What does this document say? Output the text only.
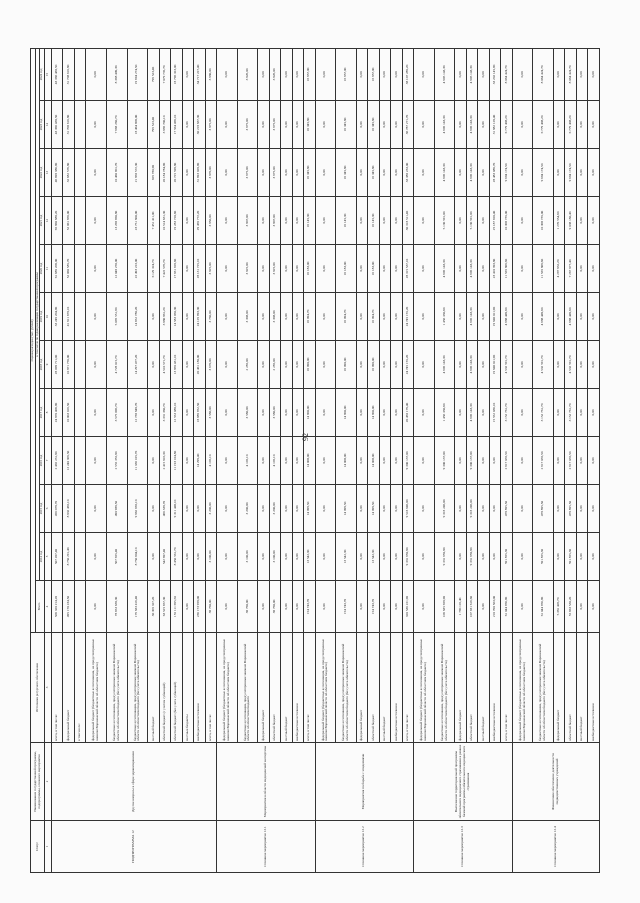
92
Статус	Наименование государственной программы, подпрограммы, основного мероприятия	Источники ресурсного обеспечения	Оценка расходов (тыс. рублей)											
			Всего	в том числе по годам реализации государственной программы										
				2014 год	2015 год	2016 год	2017 год	2018 год	2019 год	2020 год	2021 год	2022 год	2023 год	2024 год
1	2	3	4	5	6	7	8	9	10	11	12	13	14	15
ПОДПРОГРАММА 12	Другие вопросы в сфере здравоохранения	всего, в том числе:	509 320 214,20	507 207,40	456 078,70	2 492 231,80	24 870 409,90	28 099 711,00	33 249 204,90	61 689 208,00	65 860 888,20	46 698 386,90	43 366 438,50	43 366 438,50
		федеральный бюджет	495 170 234,50	8 750 291,40	8 832 465,10	12 240 305,50	10 003 016,50	10 871 759,00	41 811 678,10	52 060 585,70	52 061 859,00	32 682 576,80	31 708 616,80	31 708 616,80
		в том числе:												
		федеральный бюджет (бюджетные ассигнования, не предусмотренные законом Воронежской области об областном бюджете)	0,00	0,00	0,00	0,00	0,00	0,00	0,00	0,00	0,00	0,00	0,00	0,00
		бюджетные ассигнования, предусмотренные законом Воронежской области об областном бюджете (без учета обязательств)	78 653 638,30	567 655,40	490 988,50	2 555 355,80	3 575 096,70	4 728 015,70	5 095 551,90	12 048 258,00	13 268 960,80	10 460 901,70	7 968 260,70	8 398 409,30
		бюджетные ассигнования, предусмотренные законом Воронежской области об областном бюджете (без учета обязательств)	179 833 416,40	8 750 604,10	9 862 665,10	11 336 105,70	12 738 848,70	14 297 477,20	14 652 780,20	22 493 223,00	23 751 800,00	21 858 572,30	18 464 908,00	19 694 274,50
		местный бюджет	30 305 327,20	0,00	0,00	0,00	0,00	0,00	0,00	6 129 324,70	7 451 411,00	929 780,90	799 523,40	799 523,40
		областной бюджет (с учетом субвенций)	63 525 657,30	542 697,40	466 338,70	2 415 816,30	3 331 360,70	4 510 571,70	3 880 861,20	7 422 576,70	10 514 631,30	20 184 784,90	3 885 700,10	7 079 735,70
		областной бюджет (без учета субвенций)	155 111 695,50	8 450 561,70	9 311 448,10	11 193 104,80	12 553 088,10	13 859 431,10	14 583 050,30	17 931 928,60	19 283 720,60	20 725 598,80	17 564 469,10	18 796 323,00
		местные бюджеты	0,00	0,00	0,00	0,00	0,00	0,00	0,00	0,00	0,00	0,00	0,00	0,00
		внебюджетные источники	236 173 958,00	0,00	0,00	14 299,40	18 989 952,50	20 461 180,00	24 129 993,30	28 131 725,10	29 459 772,20	31 693 028,90	30 218 837,30	34 717 227,40
		всего, в том числе:	38 760,00	3 100,00	3 200,00	4 105,10	3 580,00	3 670,00	3 760,00	3 825,00	3 850,00	3 870,00	3 875,00	3 880,00
Основное мероприятие 12.1	Мероприятия в области медицинской экспертизы	федеральный бюджет (бюджетные ассигнования, не предусмотренные законом Воронежской области об областном бюджете)	0,00	0,00	0,00	0,00	0,00	0,00	0,00	0,00	0,00	0,00	0,00	0,00
		бюджетные ассигнования, предусмотренные законом Воронежской области об областном бюджете	38 760,00	3 100,00	3 200,00	4 105,10	3 580,00	2 285,00	3 308,00	3 825,00	3 807,00	3 975,00	3 975,00	3 826,00
		федеральный бюджет	0,00	0,00	0,00	0,00	0,00	0,00	0,00	0,00	0,00	0,00	0,00	0,00
		областной бюджет	38 760,00	3 100,00	3 200,00	4 105,10	3 580,00	2 285,00	3 308,00	3 825,00	3 807,00	3 975,00	3 975,00	3 826,00
		местный бюджет	0,00	0,00	0,00	0,00	0,00	0,00	0,00	0,00	0,00	0,00	0,00	0,00
		внебюджетные источники	0,00	0,00	0,00	0,00	0,00	0,00	0,00	0,00	0,00	0,00	0,00	0,00
		всего, в том числе:	154 743,70	13 542,30	14 099,50	14 008,00	14 900,00	16 090,00	16 094,70	16 183,00	16 145,30	16 345,80	16 345,80	16 857,00
Основное мероприятие 12.2	Мероприятия по борьбе с эпидемиями	федеральный бюджет (бюджетные ассигнования, не предусмотренные законом Воронежской области об областном бюджете)	0,00	0,00	0,00	0,00	0,00	0,00	0,00	0,00	0,00	0,00	0,00	0,00
		бюджетные ассигнования, предусмотренные законом Воронежской области об областном бюджете (без учета обязательств)	154 743,70	13 542,30	14 099,50	14 008,00	14 900,00	16 090,00	16 094,70	16 183,00	16 145,30	16 345,80	16 345,80	16 857,00
		федеральный бюджет	0,00	0,00	0,00	0,00	0,00	0,00	0,00	0,00	0,00	0,00	0,00	0,00
		областной бюджет	154 743,70	13 542,30	14 099,50	14 008,00	14 900,00	16 090,00	16 094,70	16 183,00	16 145,30	16 345,80	16 345,80	16 857,00
		местный бюджет	0,00	0,00	0,00	0,00	0,00	0,00	0,00	0,00	0,00	0,00	0,00	0,00
		внебюджетные источники	0,00	0,00	0,00	0,00	0,00	0,00	0,00	0,00	0,00	0,00	0,00	0,00
		всего, в том числе:	320 536 221,90	9 331 959,80	9 518 946,00	9 300 137,00	20 458 179,40	24 745 155,20	24 745 155,20	28 315 537,10	30 318 511,40	33 388 233,00	36 787 271,70	38 107 289,20
Основное мероприятие 12.3	Выполнение территориальной программы обязательного медицинского страхования в рамках базовой программы обязательного медицинского страхования	федеральный бюджет (бюджетные ассигнования, не предусмотренные законом Воронежской области об областном бюджете)	0,00	0,00	0,00	0,00	0,00	0,00	0,00	0,00	0,00	0,00	0,00	0,00
		бюджетные ассигнования, предусмотренные законом Воронежской области об областном бюджете (без учета обязательств)	109 835 658,90	9 331 959,80	9 318 246,00	9 300 137,00	1 456 330,60	4 905 143,30	1 456 330,60	4 905 143,30	5 130 591,00	4 905 143,30	4 905 143,30	4 905 143,30
		федеральный бюджет	1 790 116,40	0,00	0,00	0,00	0,00	0,00	0,00	0,00	0,00	0,00	0,00	0,00
		областной бюджет	107 931 616,60	9 331 959,80	9 318 246,00	9 300 137,00	4 905 143,30	4 905 143,30	4 905 143,30	4 905 143,30	5 130 591,00	4 905 143,30	4 905 143,30	4 905 143,30
		местный бюджет	0,00	0,00	0,00	0,00	0,00	0,00	0,00	0,00	0,00	0,00	0,00	0,00
		внебюджетные источники	210 700 563,00	0,00	0,00	0,00	15 552 036,10	19 840 011,90	19 840 011,90	23 410 393,80	25 187 920,40	28 483 089,70	31 882 128,40	33 202 145,90
		всего, в том числе:	61 044 956,90	591 855,30	478 895,50	2 917 035,50	3 152 761,70	4 532 591,70	4 988 449,60	11 565 809,60	10 308 735,00	9 694 174,50	6 779 408,20	8 064 424,70
Основное мероприятие 12.4	Финансовое обеспечение деятельности подведомственных учреждений	федеральный бюджет (бюджетные ассигнования, не предусмотренные законом Воронежской области об областном бюджете)	0,00	0,00	0,00	0,00	0,00	0,00	0,00	0,00	0,00	0,00	0,00	0,00
		бюджетные ассигнования, предусмотренные законом Воронежской области об областном бюджете (без учета обязательств)	61 044 956,90	591 855,30	478 895,50	2 917 035,50	3 152 761,70	4 532 591,70	4 988 449,60	11 565 809,60	10 308 735,00	9 694 174,50	6 779 408,20	8 064 424,70
		федеральный бюджет	5 381 426,70	0,00	0,00	0,00	0,00	0,00	0,00	4 297 932,20	1 270 554,60	0,00	0,00	0,00
		областной бюджет	55 663 530,20	591 855,30	478 895,50	2 917 035,50	3 152 761,70	4 532 591,70	4 988 449,60	7 267 877,40	9 038 180,40	9 694 174,50	6 779 408,20	8 064 424,70
		местный бюджет	0,00	0,00	0,00	0,00	0,00	0,00	0,00	0,00	0,00	0,00	0,00	0,00
		внебюджетные источники	0,00	0,00	0,00	0,00	0,00	0,00	0,00	0,00	0,00	0,00	0,00	0,00
